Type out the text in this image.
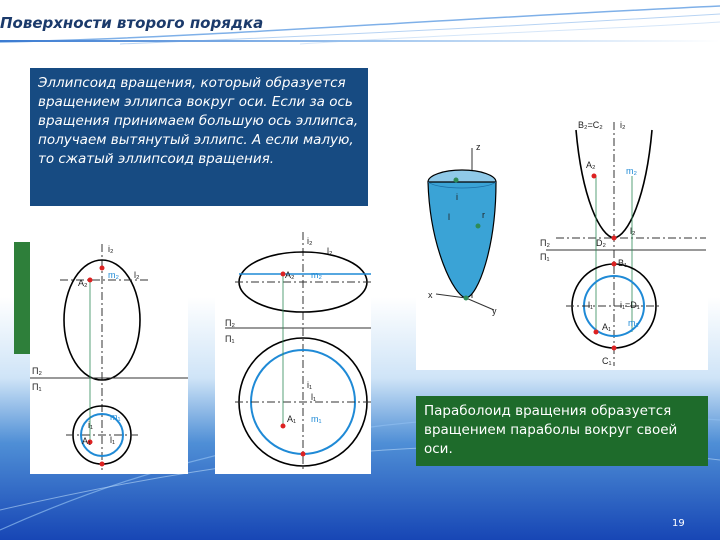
Поверхности второго порядка
Эллипсоид вращения, который образуется вращением эллипса вокруг оси. Если за ось вращения принимаем большую ось эллипса, получаем вытянутый эллипс. А если малую, то сжатый эллипсоид вращения.
i₂
m₂ l₂
A₂
П₂
П₁
m₁
i₁
A₁ l₁
i₂
l₂
A₂ m₂
П₂
П₁
i₁
l₁
A₁ m₁
z
x
y
i
l	r
B₂=C₂ i₂
A₂
m₂
l₂
D₂
П₂
П₁
B₁
l₁	i₁=D₁
A₁ m₁
C₁
Параболоид вращения образуется вращением параболы вокруг своей оси.
19
